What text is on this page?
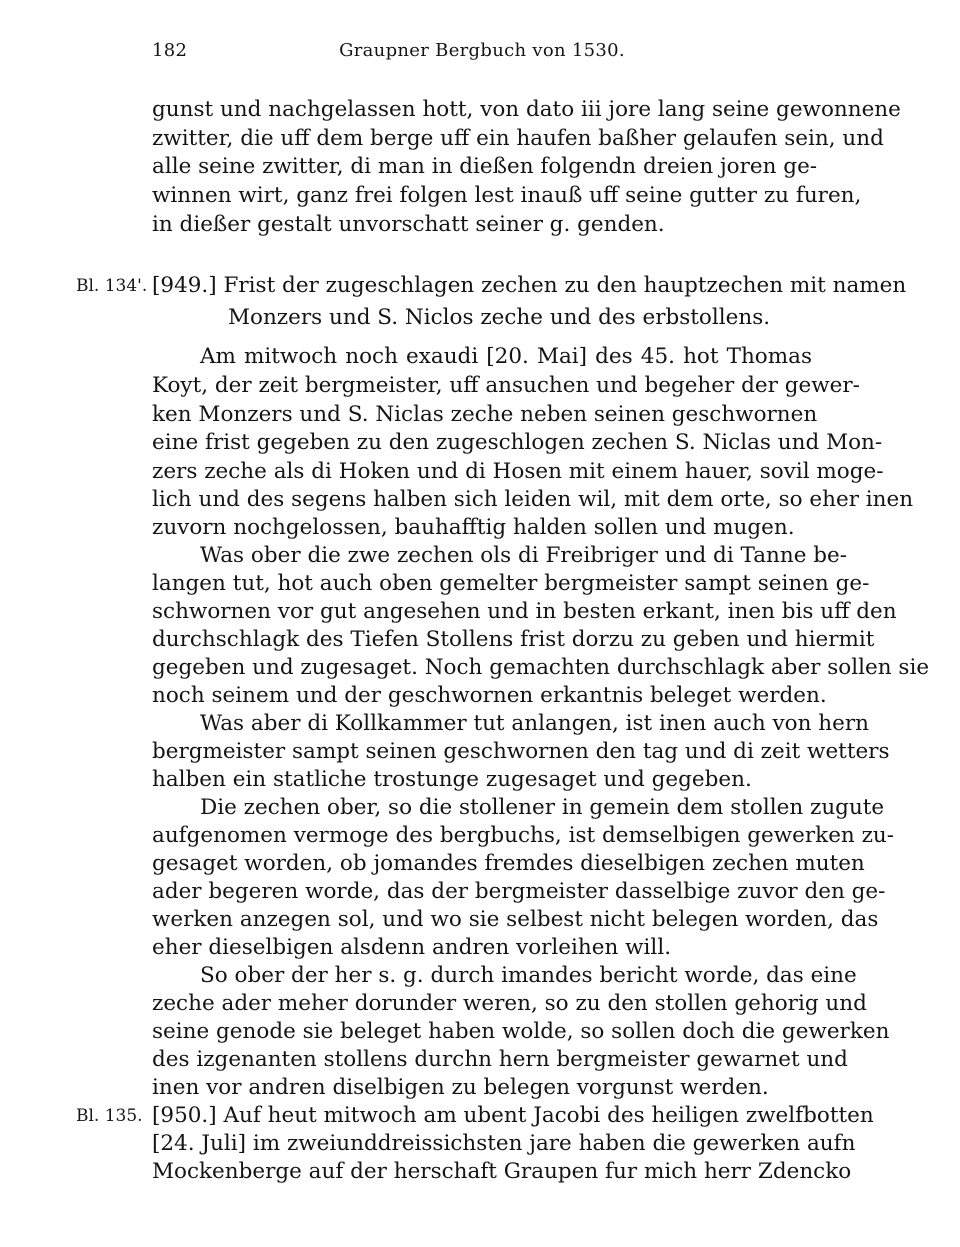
182	Graupner Bergbuch von 1530.
gunst und nachgelassen hott, von dato iii jore lang seine gewonnene
zwitter, die uff dem berge uff ein haufen baßher gelaufen sein, und
alle seine zwitter, di man in dießen folgendn dreien joren ge-
winnen wirt, ganz frei folgen lest inauß uff seine gutter zu furen,
in dießer gestalt unvorschatt seiner g. genden.
Bl. 134'. [949.] Frist der zugeschlagen zechen zu den hauptzechen mit namen
Monzers und S. Niclos zeche und des erbstollens.
Am mitwoch noch exaudi [20. Mai] des 45. hot Thomas
Koyt, der zeit bergmeister, uff ansuchen und begeher der gewer-
ken Monzers und S. Niclas zeche neben seinen geschwornen
eine frist gegeben zu den zugeschlogen zechen S. Niclas und Mon-
zers zeche als di Hoken und di Hosen mit einem hauer, sovil moge-
lich und des segens halben sich leiden wil, mit dem orte, so eher inen
zuvorn nochgelossen, bauhafftig halden sollen und mugen.
Was ober die zwe zechen ols di Freibriger und di Tanne be-
langen tut, hot auch oben gemelter bergmeister sampt seinen ge-
schwornen vor gut angesehen und in besten erkant, inen bis uff den
durchschlagk des Tiefen Stollens frist dorzu zu geben und hiermit
gegeben und zugesaget. Noch gemachten durchschlagk aber sollen sie
noch seinem und der geschwornen erkantnis beleget werden.
Was aber di Kollkammer tut anlangen, ist inen auch von hern
bergmeister sampt seinen geschwornen den tag und di zeit wetters
halben ein statliche trostunge zugesaget und gegeben.
Die zechen ober, so die stollener in gemein dem stollen zugute
aufgenomen vermoge des bergbuchs, ist demselbigen gewerken zu-
gesaget worden, ob jomandes fremdes dieselbigen zechen muten
ader begeren worde, das der bergmeister dasselbige zuvor den ge-
werken anzegen sol, und wo sie selbest nicht belegen worden, das
eher dieselbigen alsdenn andren vorleihen will.
So ober der her s. g. durch imandes bericht worde, das eine
zeche ader meher dorunder weren, so zu den stollen gehorig und
seine genode sie beleget haben wolde, so sollen doch die gewerken
des izgenanten stollens durchn hern bergmeister gewarnet und
inen vor andren diselbigen zu belegen vorgunst werden.
Bl. 135. [950.] Auf heut mitwoch am ubent Jacobi des heiligen zwelfbotten
[24. Juli] im zweiunddreissichsten jare haben die gewerken aufn
Mockenberge auf der herschaft Graupen fur mich herr Zdencko
